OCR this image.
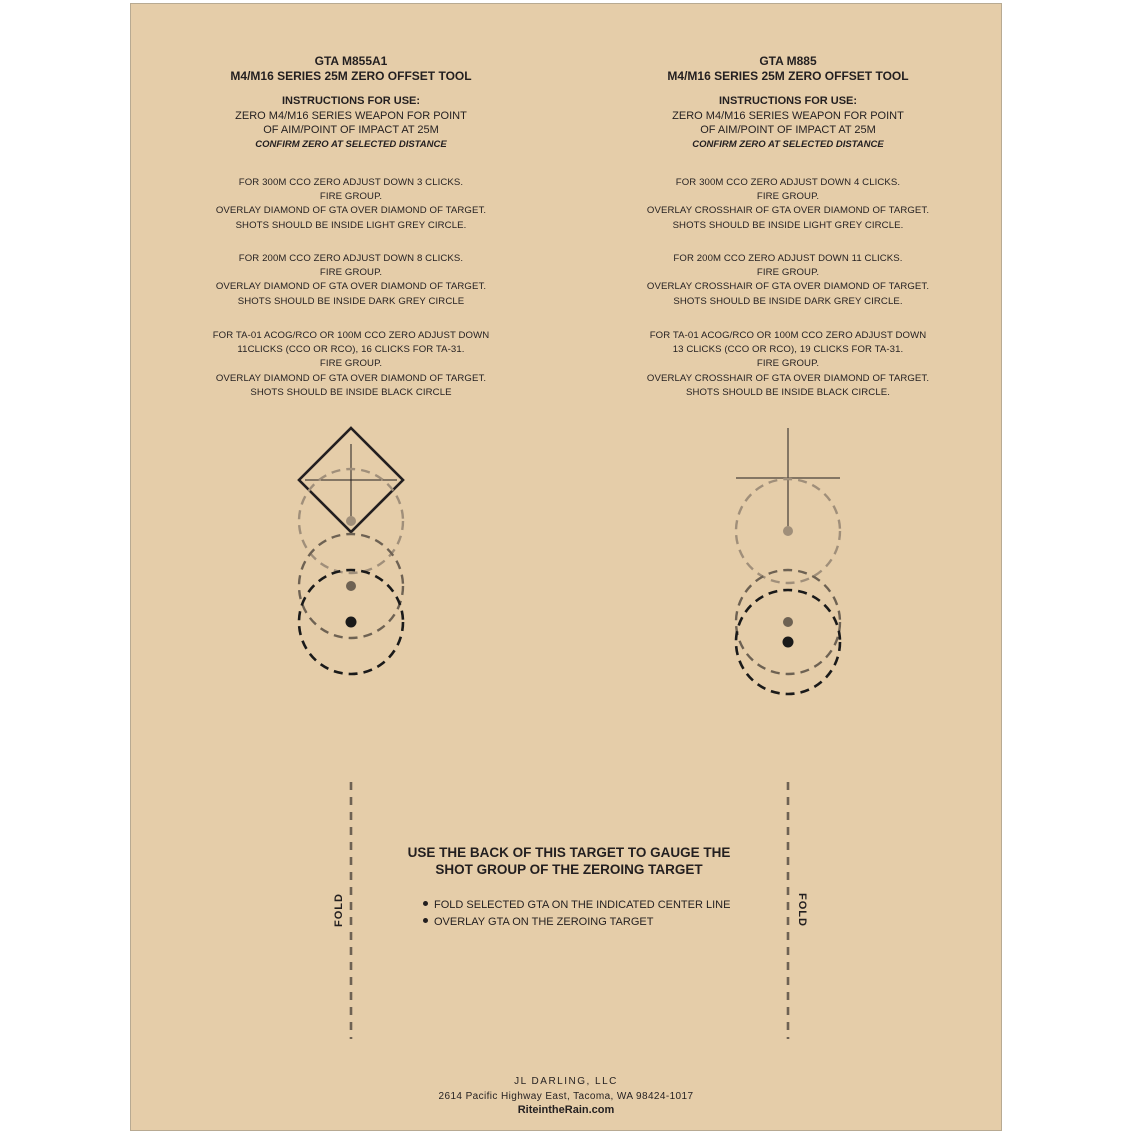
GTA M855A1
M4/M16 SERIES 25M ZERO OFFSET TOOL
INSTRUCTIONS FOR USE:
ZERO M4/M16 SERIES WEAPON FOR POINT
OF AIM/POINT OF IMPACT AT 25M
CONFIRM ZERO AT SELECTED DISTANCE
FOR 300M CCO ZERO ADJUST DOWN 3 CLICKS.
FIRE GROUP.
OVERLAY DIAMOND OF GTA OVER DIAMOND OF TARGET.
SHOTS SHOULD BE INSIDE LIGHT GREY CIRCLE.
FOR 200M CCO ZERO ADJUST DOWN 8 CLICKS.
FIRE GROUP.
OVERLAY DIAMOND OF GTA OVER DIAMOND OF TARGET.
SHOTS SHOULD BE INSIDE DARK GREY CIRCLE
FOR TA-01 ACOG/RCO OR 100M CCO ZERO ADJUST DOWN
11CLICKS (CCO OR RCO), 16 CLICKS FOR TA-31.
FIRE GROUP.
OVERLAY DIAMOND OF GTA OVER DIAMOND OF TARGET.
SHOTS SHOULD BE INSIDE BLACK CIRCLE
GTA M885
M4/M16 SERIES 25M ZERO OFFSET TOOL
INSTRUCTIONS FOR USE:
ZERO M4/M16 SERIES WEAPON FOR POINT
OF AIM/POINT OF IMPACT AT 25M
CONFIRM ZERO AT SELECTED DISTANCE
FOR 300M CCO ZERO ADJUST DOWN 4 CLICKS.
FIRE GROUP.
OVERLAY CROSSHAIR OF GTA OVER DIAMOND OF TARGET.
SHOTS SHOULD BE INSIDE LIGHT GREY CIRCLE.
FOR 200M CCO ZERO ADJUST DOWN 11 CLICKS.
FIRE GROUP.
OVERLAY CROSSHAIR OF GTA OVER DIAMOND OF TARGET.
SHOTS SHOULD BE INSIDE DARK GREY CIRCLE.
FOR TA-01 ACOG/RCO OR 100M CCO ZERO ADJUST DOWN
13 CLICKS (CCO OR RCO), 19 CLICKS FOR TA-31.
FIRE GROUP.
OVERLAY CROSSHAIR OF GTA OVER DIAMOND OF TARGET.
SHOTS SHOULD BE INSIDE BLACK CIRCLE.
FOLD	FOLD
USE THE BACK OF THIS TARGET TO GAUGE THE
SHOT GROUP OF THE ZEROING TARGET
FOLD SELECTED GTA ON THE INDICATED CENTER LINE
OVERLAY GTA ON THE ZEROING TARGET
JL DARLING, LLC
2614 Pacific Highway East, Tacoma, WA 98424-1017
RiteintheRain.com
